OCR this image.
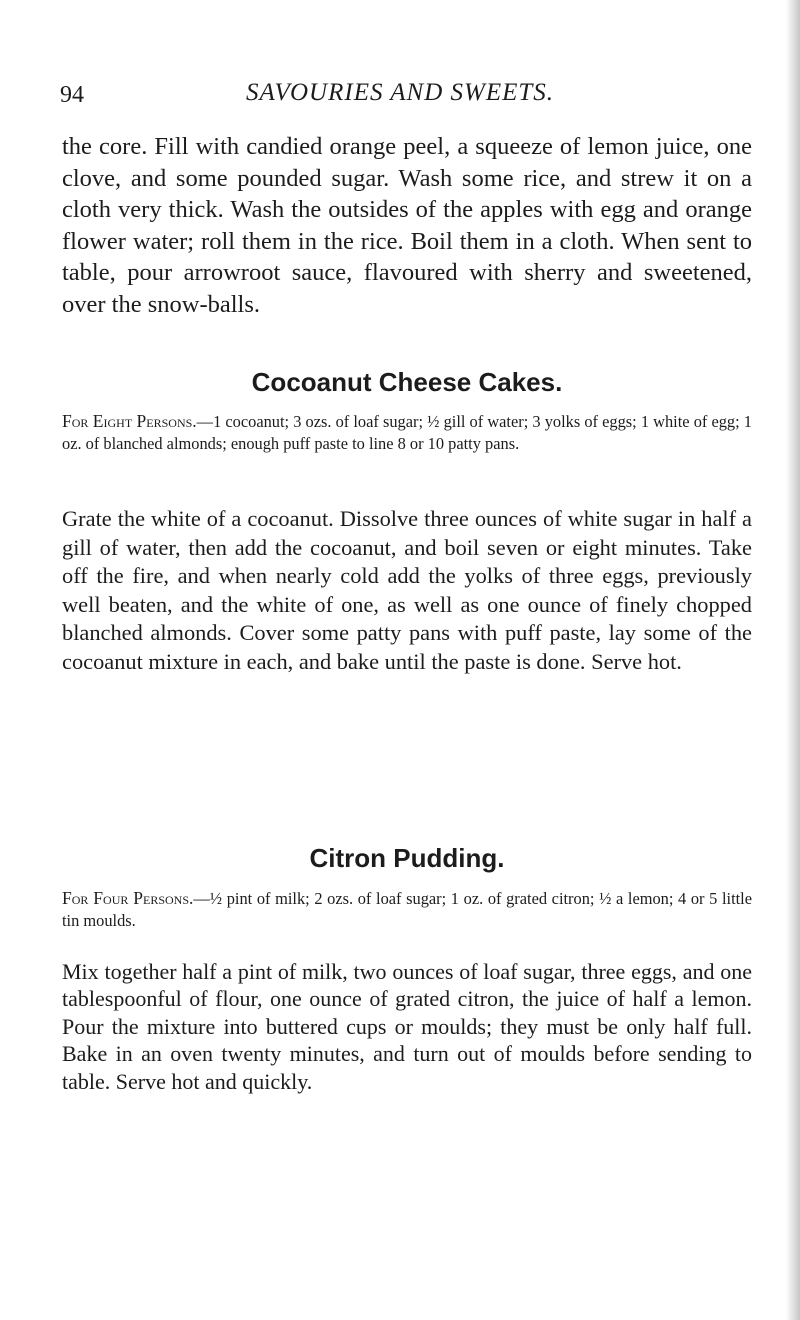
94	SAVOURIES AND SWEETS.

the core. Fill with candied orange peel, a squeeze of lemon juice, one clove, and some pounded sugar. Wash some rice, and strew it on a cloth very thick. Wash the outsides of the apples with egg and orange flower water; roll them in the rice. Boil them in a cloth. When sent to table, pour arrowroot sauce, flavoured with sherry and sweetened, over the snow-balls.

Cocoanut Cheese Cakes.

For Eight Persons.—1 cocoanut; 3 ozs. of loaf sugar; ½ gill of water; 3 yolks of eggs; 1 white of egg; 1 oz. of blanched almonds; enough puff paste to line 8 or 10 patty pans.

Grate the white of a cocoanut. Dissolve three ounces of white sugar in half a gill of water, then add the cocoanut, and boil seven or eight minutes. Take off the fire, and when nearly cold add the yolks of three eggs, previously well beaten, and the white of one, as well as one ounce of finely chopped blanched almonds. Cover some patty pans with puff paste, lay some of the cocoanut mixture in each, and bake until the paste is done. Serve hot.

Citron Pudding.

For Four Persons.—½ pint of milk; 2 ozs. of loaf sugar; 1 oz. of grated citron; ½ a lemon; 4 or 5 little tin moulds.

Mix together half a pint of milk, two ounces of loaf sugar, three eggs, and one tablespoonful of flour, one ounce of grated citron, the juice of half a lemon. Pour the mixture into buttered cups or moulds; they must be only half full. Bake in an oven twenty minutes, and turn out of moulds before sending to table. Serve hot and quickly.
